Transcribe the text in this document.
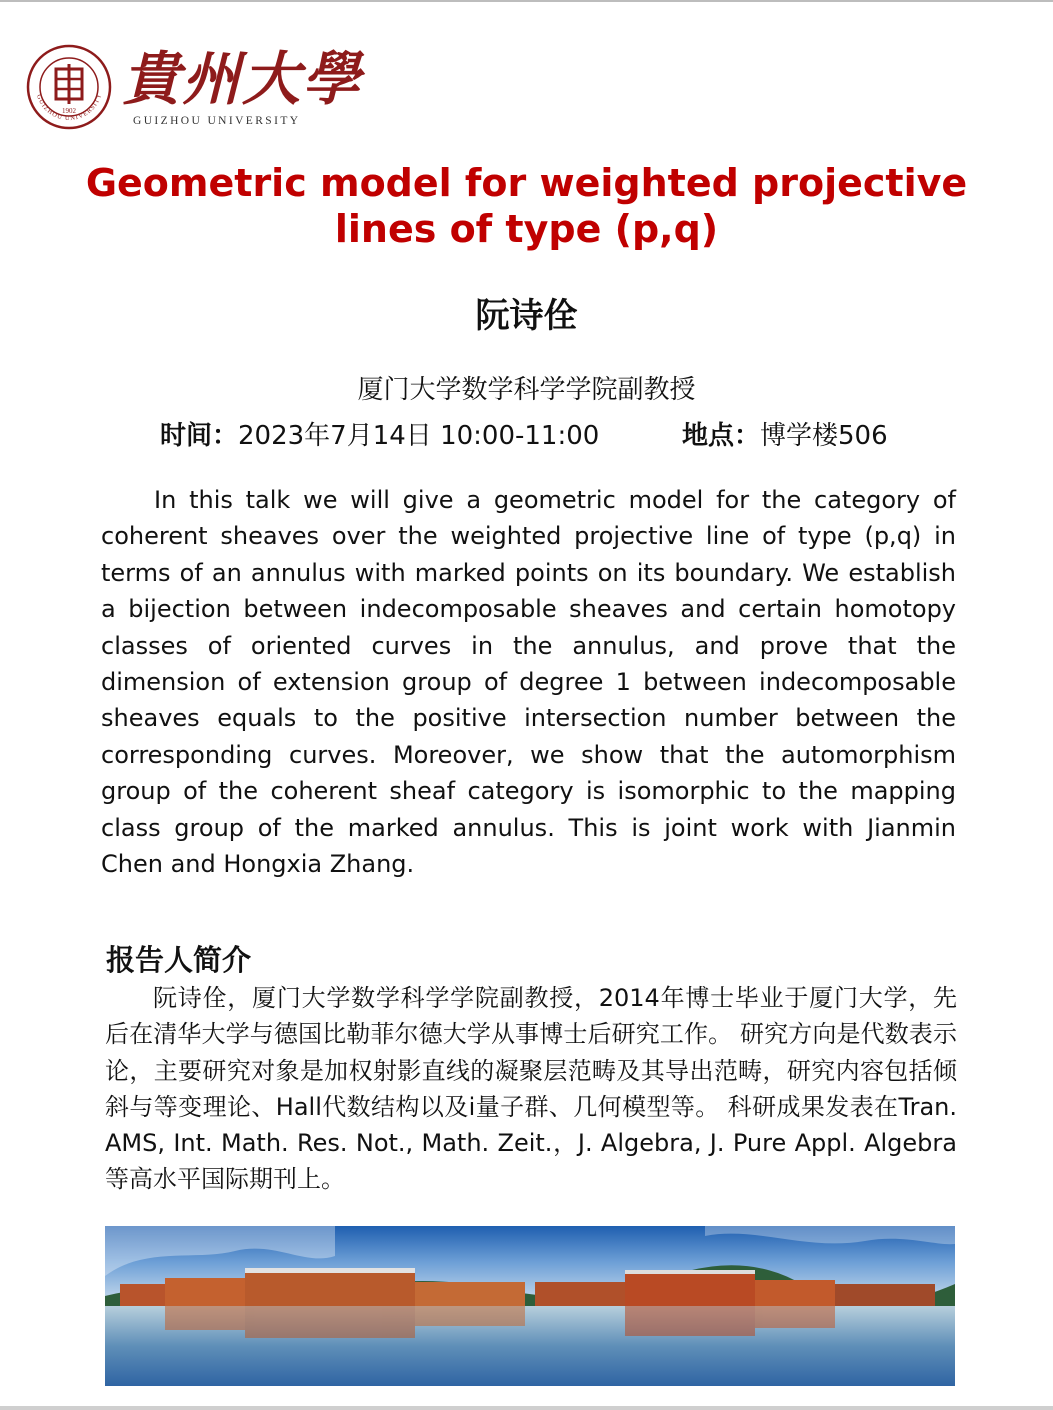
GUIZHOU UNIVERSITY
1902 貴州大學
GUIZHOU UNIVERSITY
Geometric model for weighted projective lines of type (p,q)
阮诗佺
厦门大学数学科学学院副教授
时间：2023年7月14日 10:00-11:00	地点：博学楼506

In this talk we will give a geometric model for the category of coherent sheaves over the weighted projective line of type (p,q) in terms of an annulus with marked points on its boundary. We establish a bijection between indecomposable sheaves and certain homotopy classes of oriented curves in the annulus, and prove that the dimension of extension group of degree 1 between indecomposable sheaves equals to the positive intersection number between the corresponding curves. Moreover, we show that the automorphism group of the coherent sheaf category is isomorphic to the mapping class group of the marked annulus. This is joint work with Jianmin Chen and Hongxia Zhang.

报告人简介

阮诗佺，厦门大学数学科学学院副教授，2014年博士毕业于厦门大学，先后在清华大学与德国比勒菲尔德大学从事博士后研究工作。 研究方向是代数表示论，主要研究对象是加权射影直线的凝聚层范畴及其导出范畴，研究内容包括倾斜与等变理论、Hall代数结构以及i量子群、几何模型等。 科研成果发表在Tran. AMS, Int. Math. Res. Not., Math. Zeit.，J. Algebra, J. Pure Appl. Algebra等高水平国际期刊上。
